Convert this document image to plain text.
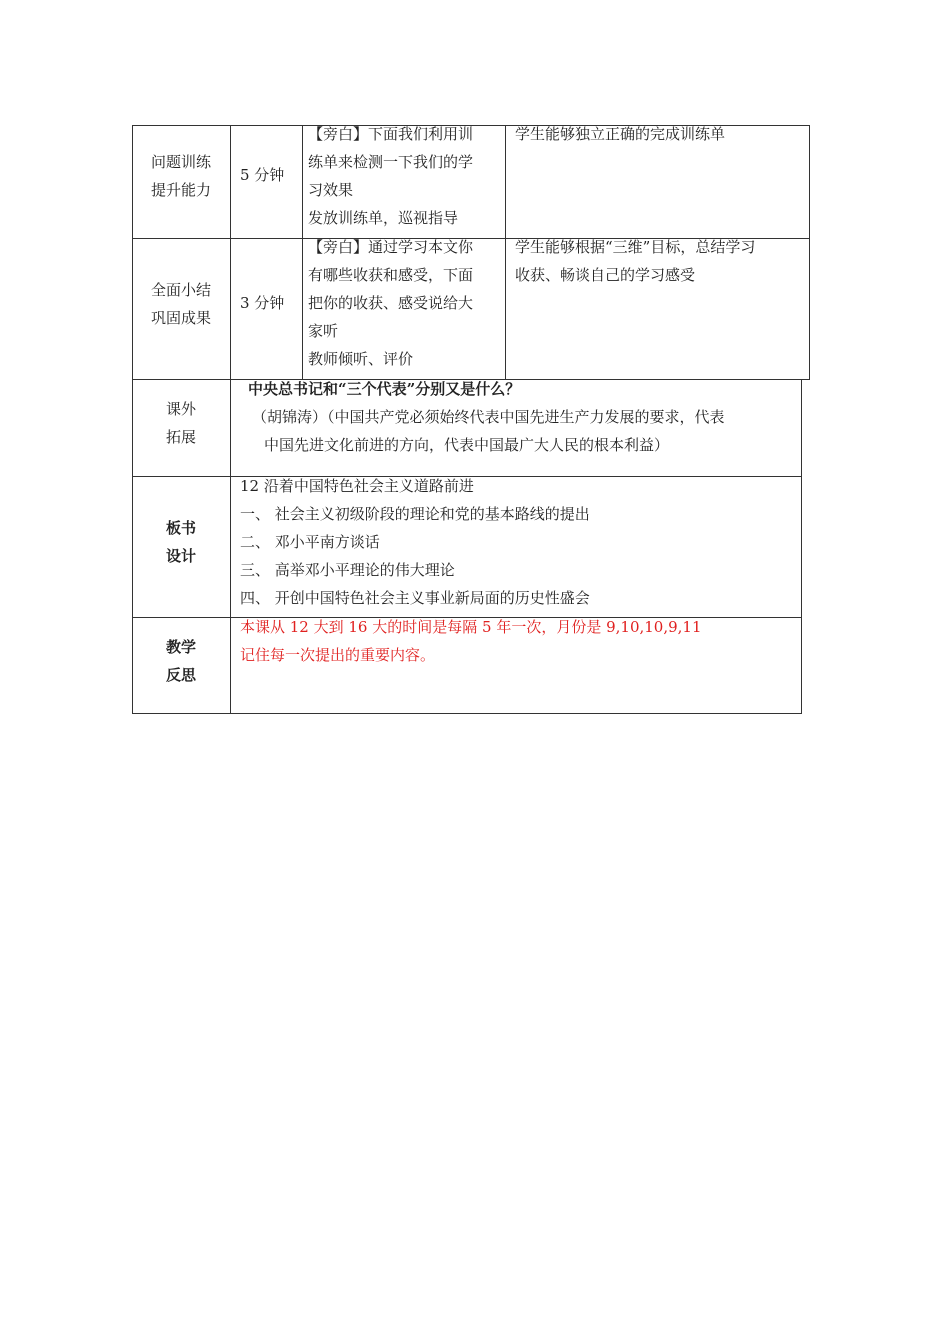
问题训练
提升能力
5 分钟
【旁白】下面我们利用训
练单来检测一下我们的学
习效果
发放训练单，巡视指导
学生能够独立正确的完成训练单
全面小结
巩固成果
3 分钟
【旁白】通过学习本文你
有哪些收获和感受，下面
把你的收获、感受说给大
家听
教师倾听、评价
学生能够根据“三维”目标，总结学习
收获、畅谈自己的学习感受
课外
拓展
中央总书记和“三个代表”分别又是什么？
（胡锦涛）（中国共产党必须始终代表中国先进生产力发展的要求，代表
中国先进文化前进的方向，代表中国最广大人民的根本利益）
板书
设计
12 沿着中国特色社会主义道路前进
一、 社会主义初级阶段的理论和党的基本路线的提出
二、 邓小平南方谈话
三、 高举邓小平理论的伟大理论
四、 开创中国特色社会主义事业新局面的历史性盛会
教学
反思
本课从 12 大到 16 大的时间是每隔 5 年一次，月份是 9,10,10,9,11
记住每一次提出的重要内容。
